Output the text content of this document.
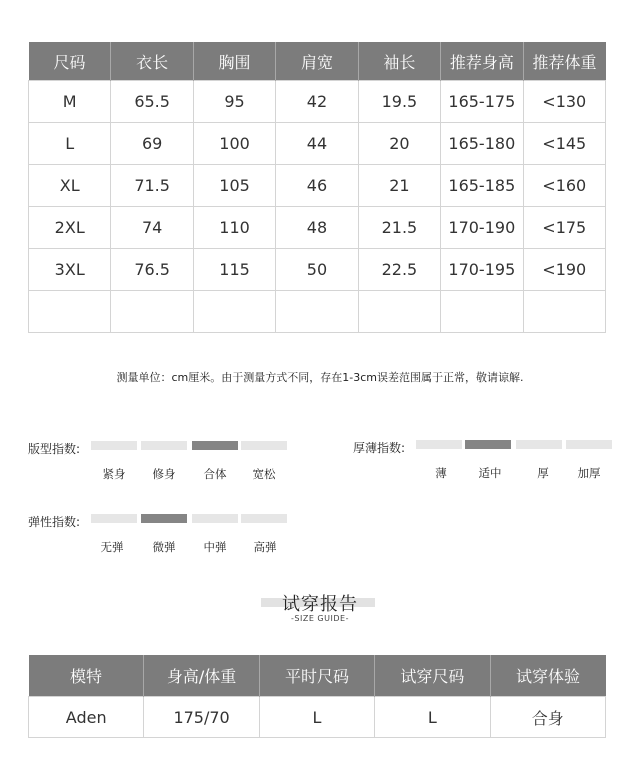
尺码	衣长	胸围	肩宽	袖长	推荐身高	推荐体重
M	65.5	95	42	19.5	165-175	<130
L	69	100	44	20	165-180	<145
XL	71.5	105	46	21	165-185	<160
2XL	74	110	48	21.5	170-190	<175
3XL	76.5	115	50	22.5	170-195	<190

测量单位：cm厘米。由于测量方式不同，存在1-3cm误差范围属于正常，敬请谅解.
版型指数:
紧身	修身	合体	宽松
厚薄指数:
薄	适中	厚	加厚
弹性指数:
无弹	微弹	中弹	高弹
试穿报告
-SIZE GUIDE-
模特	身高/体重	平时尺码	试穿尺码	试穿体验
Aden	175/70	L	L	合身
